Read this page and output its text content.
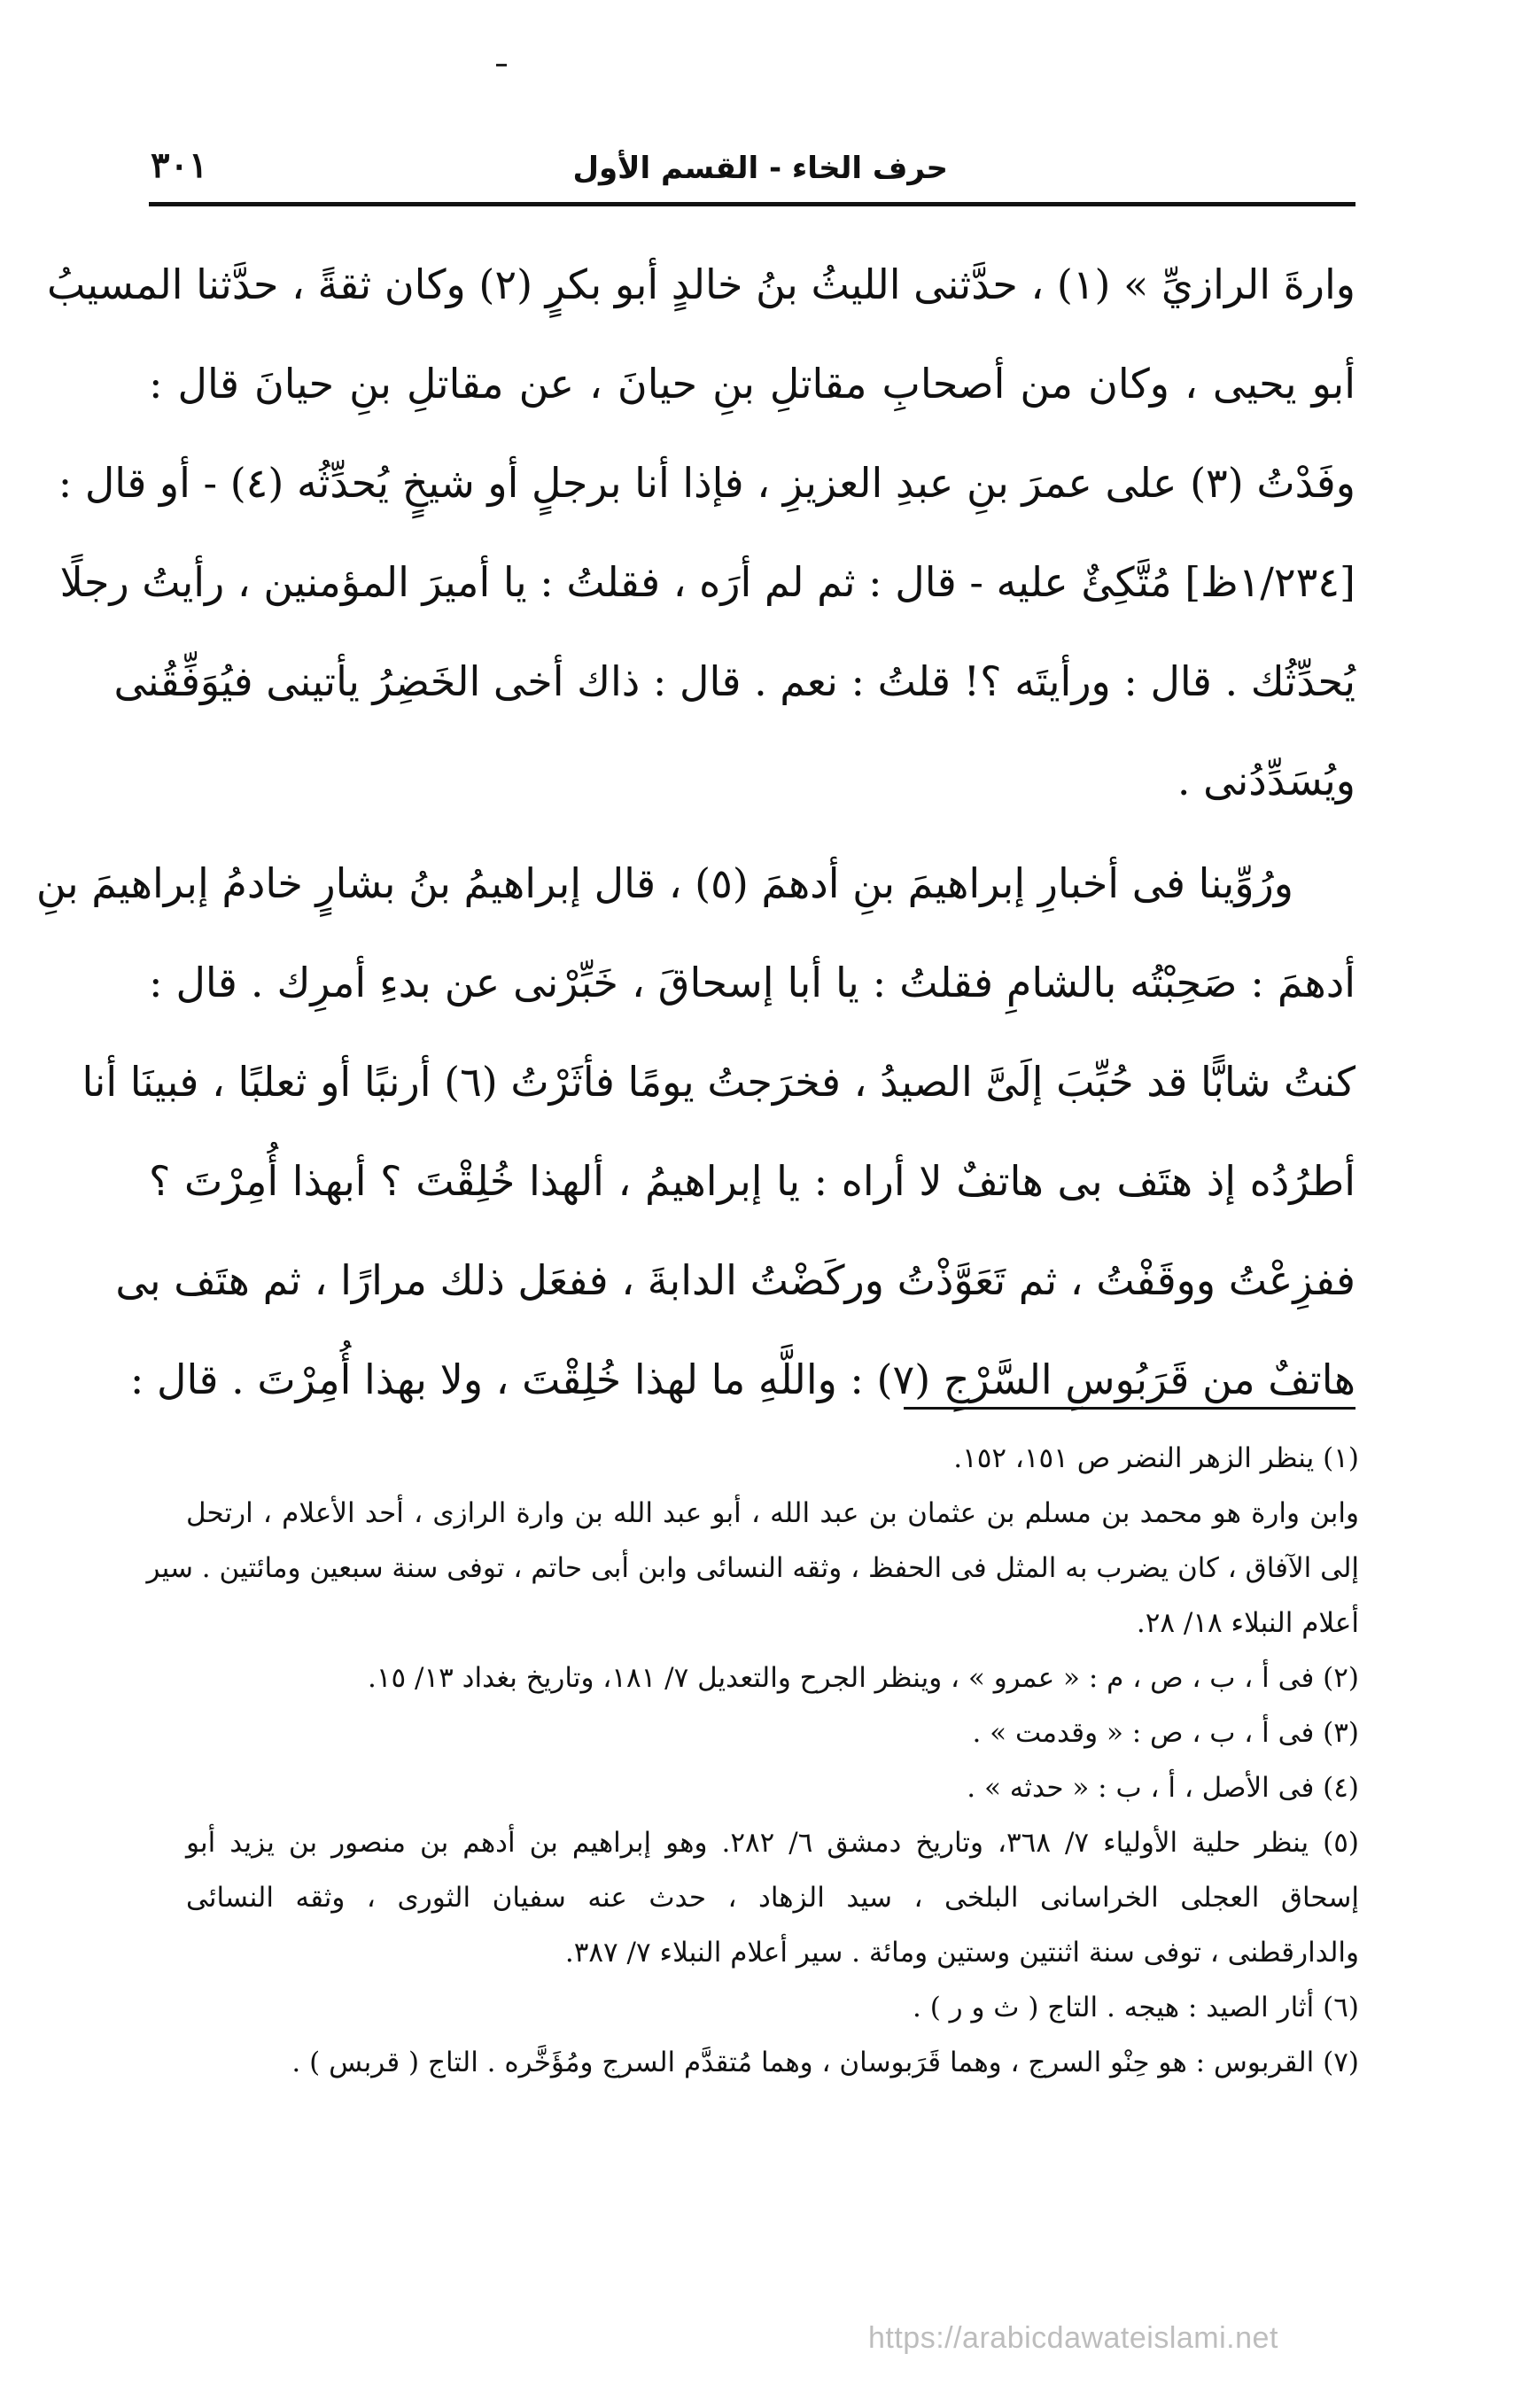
حرف الخاء - القسم الأول
٣٠١
وارةَ الرازيِّ » (١) ، حدَّثنى الليثُ بنُ خالدٍ أبو بكرٍ (٢) وكان ثقةً ، حدَّثنا المسيبُ
أبو يحيى ، وكان من أصحابِ مقاتلِ بنِ حيانَ ، عن مقاتلِ بنِ حيانَ قال :
وفَدْتُ (٣) على عمرَ بنِ عبدِ العزيزِ ، فإذا أنا برجلٍ أو شيخٍ يُحدِّثُه (٤) - أو قال :
[١/٢٣٤ظ] مُتَّكِئٌ عليه - قال : ثم لم أرَه ، فقلتُ : يا أميرَ المؤمنين ، رأيتُ رجلًا
يُحدِّثُك . قال : ورأيتَه ؟! قلتُ : نعم . قال : ذاك أخى الخَضِرُ يأتينى فيُوَفِّقُنى
ويُسَدِّدُنى .
ورُوِّينا فى أخبارِ إبراهيمَ بنِ أدهمَ (٥) ، قال إبراهيمُ بنُ بشارٍ خادمُ إبراهيمَ بنِ
أدهمَ : صَحِبْتُه بالشامِ فقلتُ : يا أبا إسحاقَ ، خَبِّرْنى عن بدءِ أمرِك . قال :
كنتُ شابًّا قد حُبِّبَ إلَىَّ الصيدُ ، فخرَجتُ يومًا فأثَرْتُ (٦) أرنبًا أو ثعلبًا ، فبينَا أنا
أطرُدُه إذ هتَف بى هاتفٌ لا أراه : يا إبراهيمُ ، ألهذا خُلِقْتَ ؟ أبهذا أُمِرْتَ ؟
ففزِعْتُ ووقَفْتُ ، ثم تَعَوَّذْتُ وركَضْتُ الدابةَ ، ففعَل ذلك مرارًا ، ثم هتَف بى
هاتفٌ من قَرَبُوسِ السَّرْجِ (٧) : واللَّهِ ما لهذا خُلِقْتَ ، ولا بهذا أُمِرْتَ . قال :
(١) ينظر الزهر النضر ص ١٥١، ١٥٢.
وابن وارة هو محمد بن مسلم بن عثمان بن عبد الله ، أبو عبد الله بن وارة الرازى ، أحد الأعلام ، ارتحل
إلى الآفاق ، كان يضرب به المثل فى الحفظ ، وثقه النسائى وابن أبى حاتم ، توفى سنة سبعين ومائتين . سير
أعلام النبلاء ١٨/ ٢٨.
(٢) فى أ ، ب ، ص ، م : « عمرو » ، وينظر الجرح والتعديل ٧/ ١٨١، وتاريخ بغداد ١٣/ ١٥.
(٣) فى أ ، ب ، ص : « وقدمت » .
(٤) فى الأصل ، أ ، ب : « حدثه » .
(٥) ينظر حلية الأولياء ٧/ ٣٦٨، وتاريخ دمشق ٦/ ٢٨٢. وهو إبراهيم بن أدهم بن منصور بن يزيد أبو
إسحاق العجلى الخراسانى البلخى ، سيد الزهاد ، حدث عنه سفيان الثورى ، وثقه النسائى
والدارقطنى ، توفى سنة اثنتين وستين ومائة . سير أعلام النبلاء ٧/ ٣٨٧.
(٦) أثار الصيد : هيجه . التاج ( ث و ر ) .
(٧) القربوس : هو حِنْو السرج ، وهما قَرَبوسان ، وهما مُتقدَّم السرج ومُؤَخَّره . التاج ( قربس ) .
https://arabicdawateislami.net
